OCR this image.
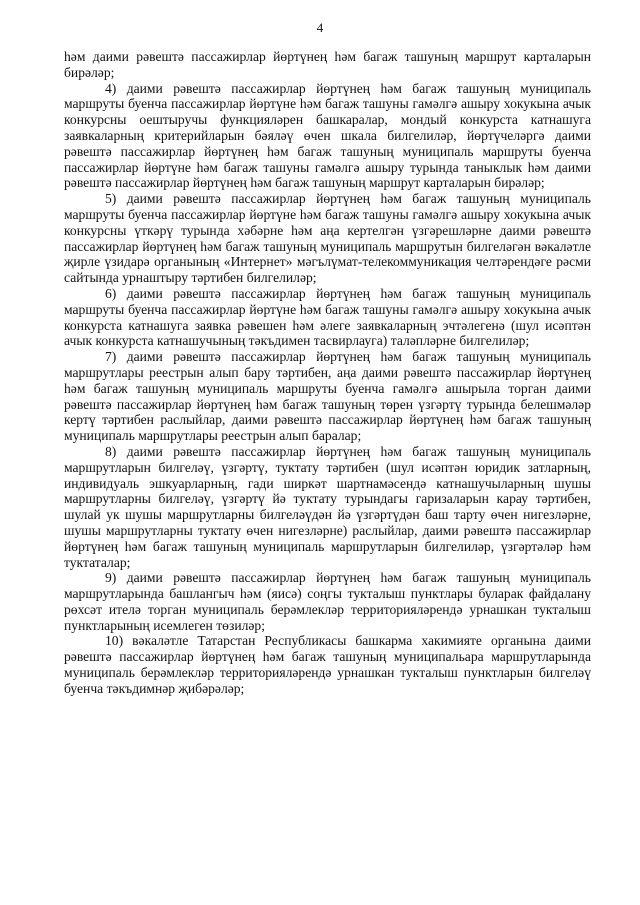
4

һәм даими рәвештә пассажирлар йөртүнең һәм багаж ташуның маршрут карталарын бирәләр;

4) даими рәвештә пассажирлар йөртүнең һәм багаж ташуның муниципаль маршруты буенча пассажирлар йөртүне һәм багаж ташуны гамәлгә ашыру хокукына ачык конкурсны оештыручы функцияләрен башкаралар, мондый конкурста катнашуга заявкаларның критерийларын бәяләү өчен шкала билгелиләр, йөртүчеләргә даими рәвештә пассажирлар йөртүнең һәм багаж ташуның муниципаль маршруты буенча пассажирлар йөртүне һәм багаж ташуны гамәлгә ашыру турында таныклык һәм даими рәвештә пассажирлар йөртүнең һәм багаж ташуның маршрут карталарын бирәләр;

5) даими рәвештә пассажирлар йөртүнең һәм багаж ташуның муниципаль маршруты буенча пассажирлар йөртүне һәм багаж ташуны гамәлгә ашыру хокукына ачык конкурсны үткәрү турында хәбәрне һәм аңа кертелгән үзгәрешләрне даими рәвештә пассажирлар йөртүнең һәм багаж ташуның муниципаль маршрутын билгеләгән вәкаләтле җирле үзидарә органының «Интернет» мәгълүмат-телекоммуникация челтәрендәге рәсми сайтында урнаштыру тәртибен билгелиләр;

6) даими рәвештә пассажирлар йөртүнең һәм багаж ташуның муниципаль маршруты буенча пассажирлар йөртүне һәм багаж ташуны гамәлгә ашыру хокукына ачык конкурста катнашуга заявка рәвешен һәм әлеге заявкаларның эчтәлегенә (шул исәптән ачык конкурста катнашучының тәкъдимен тасвирлауга) таләпләрне билгелиләр;

7) даими рәвештә пассажирлар йөртүнең һәм багаж ташуның муниципаль маршрутлары реестрын алып бару тәртибен, аңа даими рәвештә пассажирлар йөртүнең һәм багаж ташуның муниципаль маршруты буенча гамәлгә ашырыла торган даими рәвештә пассажирлар йөртүнең һәм багаж ташуның төрен үзгәртү турында белешмәләр кертү тәртибен раслыйлар, даими рәвештә пассажирлар йөртүнең һәм багаж ташуның муниципаль маршрутлары реестрын алып баралар;

8) даими рәвештә пассажирлар йөртүнең һәм багаж ташуның муниципаль маршрутларын билгеләү, үзгәртү, туктату тәртибен (шул исәптән юридик затларның, индивидуаль эшкуарларның, гади ширкәт шартнамәсендә катнашучыларның шушы маршрутларны билгеләү, үзгәртү йә туктату турындагы гаризаларын карау тәртибен, шулай ук шушы маршрутларны билгеләүдән йә үзгәртүдән баш тарту өчен нигезләрне, шушы маршрутларны туктату өчен нигезләрне) раслыйлар, даими рәвештә пассажирлар йөртүнең һәм багаж ташуның муниципаль маршрутларын билгелиләр, үзгәртәләр һәм туктаталар;

9) даими рәвештә пассажирлар йөртүнең һәм багаж ташуның муниципаль маршрутларында башлангыч һәм (яисә) соңгы тукталыш пунктлары буларак файдалану рөхсәт ителә торган муниципаль берәмлекләр территорияләрендә урнашкан тукталыш пунктларының исемлеген төзиләр;

10) вәкаләтле Татарстан Республикасы башкарма хакимияте органына даими рәвештә пассажирлар йөртүнең һәм багаж ташуның муниципальара маршрутларында муниципаль берәмлекләр территорияләрендә урнашкан тукталыш пунктларын билгеләү буенча тәкъдимнәр җибәрәләр;
